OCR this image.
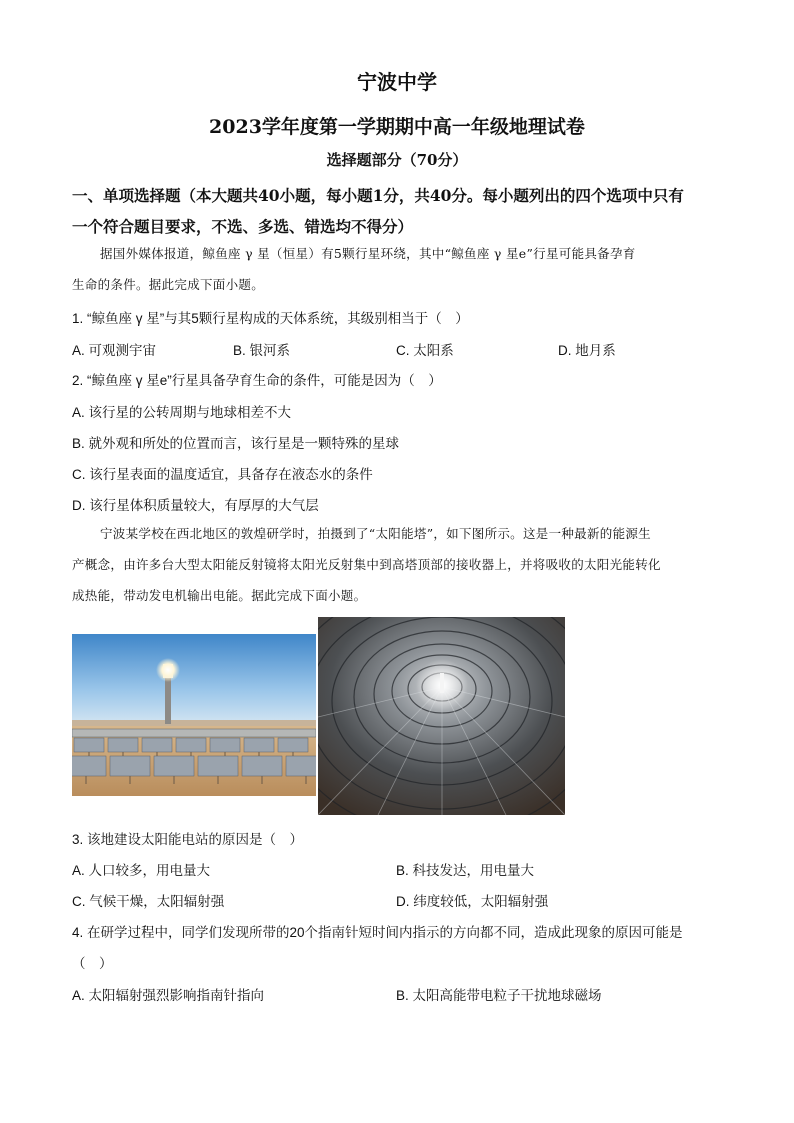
宁波中学
2023学年度第一学期期中高一年级地理试卷
选择题部分（70分）
一、单项选择题（本大题共40小题，每小题1分，共40分。每小题列出的四个选项中只有
一个符合题目要求，不选、多选、错选均不得分）
据国外媒体报道，鲸鱼座 γ 星（恒星）有5颗行星环绕，其中“鲸鱼座 γ 星e”行星可能具备孕育
生命的条件。据此完成下面小题。
1. “鲸鱼座 γ 星”与其5颗行星构成的天体系统，其级别相当于（　）
A. 可观测宇宙	B. 银河系	C. 太阳系	D. 地月系
2. “鲸鱼座 γ 星e”行星具备孕育生命的条件，可能是因为（　）
A. 该行星的公转周期与地球相差不大
B. 就外观和所处的位置而言，该行星是一颗特殊的星球
C. 该行星表面的温度适宜，具备存在液态水的条件
D. 该行星体积质量较大，有厚厚的大气层
宁波某学校在西北地区的敦煌研学时，拍摄到了“太阳能塔”，如下图所示。这是一种最新的能源生
产概念，由许多台大型太阳能反射镜将太阳光反射集中到高塔顶部的接收器上，并将吸收的太阳光能转化
成热能，带动发电机输出电能。据此完成下面小题。
3. 该地建设太阳能电站的原因是（　）
A. 人口较多，用电量大	B. 科技发达，用电量大
C. 气候干燥，太阳辐射强	D. 纬度较低，太阳辐射强
4. 在研学过程中，同学们发现所带的20个指南针短时间内指示的方向都不同，造成此现象的原因可能是
（　）
A. 太阳辐射强烈影响指南针指向	B. 太阳高能带电粒子干扰地球磁场
